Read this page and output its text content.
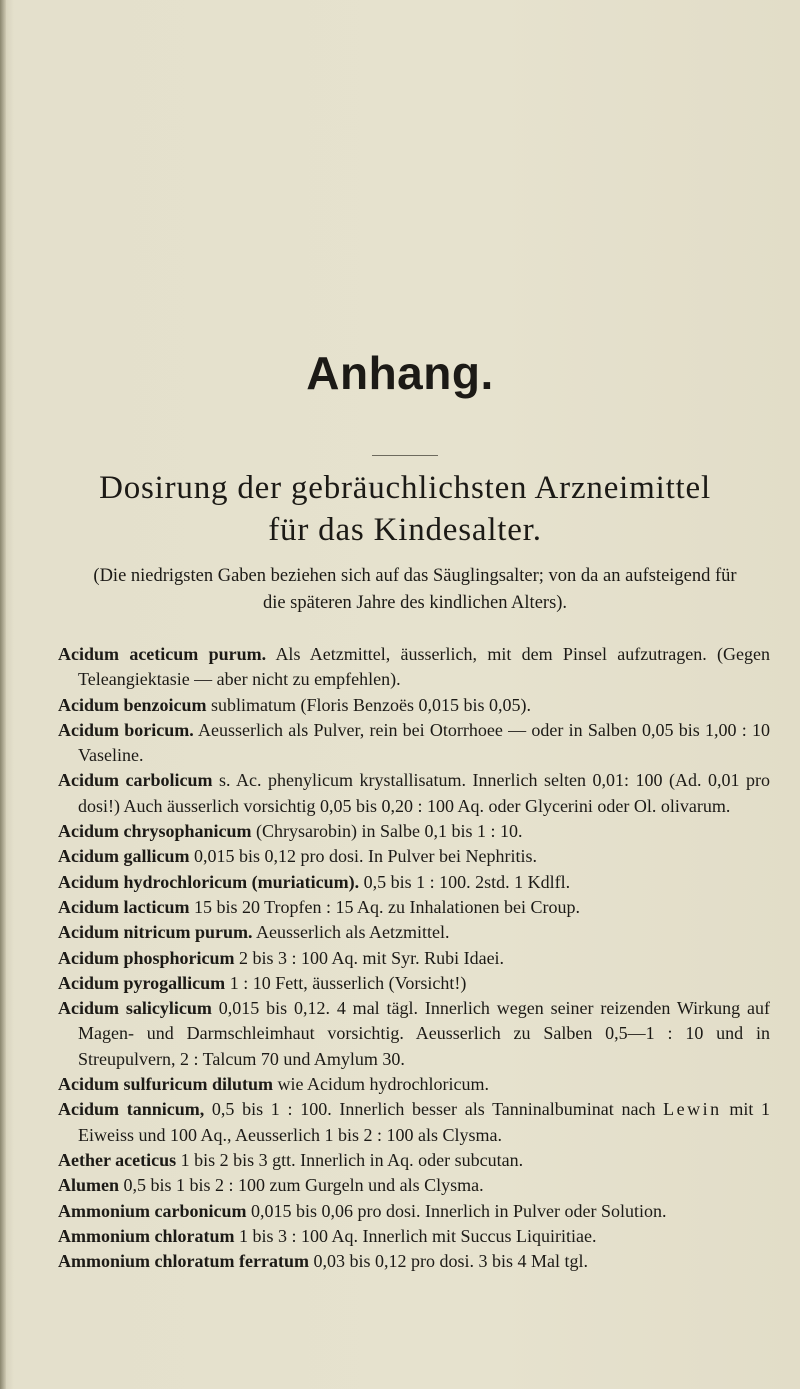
Anhang.
Dosirung der gebräuchlichsten Arzneimittel
für das Kindesalter.
(Die niedrigsten Gaben beziehen sich auf das Säuglingsalter; von da an aufsteigend für die späteren Jahre des kindlichen Alters).

Acidum aceticum purum. Als Aetzmittel, äusserlich, mit dem Pinsel aufzutragen. (Gegen Teleangiektasie — aber nicht zu empfehlen).

Acidum benzoicum sublimatum (Floris Benzoës 0,015 bis 0,05).

Acidum boricum. Aeusserlich als Pulver, rein bei Otorrhoee — oder in Salben 0,05 bis 1,00 : 10 Vaseline.

Acidum carbolicum s. Ac. phenylicum krystallisatum. Innerlich selten 0,01: 100 (Ad. 0,01 pro dosi!) Auch äusserlich vorsichtig 0,05 bis 0,20 : 100 Aq. oder Glycerini oder Ol. olivarum.

Acidum chrysophanicum (Chrysarobin) in Salbe 0,1 bis 1 : 10.

Acidum gallicum 0,015 bis 0,12 pro dosi. In Pulver bei Nephritis.

Acidum hydrochloricum (muriaticum). 0,5 bis 1 : 100. 2std. 1 Kdlfl.

Acidum lacticum 15 bis 20 Tropfen : 15 Aq. zu Inhalationen bei Croup.

Acidum nitricum purum. Aeusserlich als Aetzmittel.

Acidum phosphoricum 2 bis 3 : 100 Aq. mit Syr. Rubi Idaei.

Acidum pyrogallicum 1 : 10 Fett, äusserlich (Vorsicht!)

Acidum salicylicum 0,015 bis 0,12. 4 mal tägl. Innerlich wegen seiner reizenden Wirkung auf Magen- und Darmschleimhaut vorsichtig. Aeusserlich zu Salben 0,5—1 : 10 und in Streupulvern, 2 : Talcum 70 und Amylum 30.

Acidum sulfuricum dilutum wie Acidum hydrochloricum.

Acidum tannicum, 0,5 bis 1 : 100. Innerlich besser als Tanninalbuminat nach Lewin mit 1 Eiweiss und 100 Aq., Aeusserlich 1 bis 2 : 100 als Clysma.

Aether aceticus 1 bis 2 bis 3 gtt. Innerlich in Aq. oder subcutan.

Alumen 0,5 bis 1 bis 2 : 100 zum Gurgeln und als Clysma.

Ammonium carbonicum 0,015 bis 0,06 pro dosi. Innerlich in Pulver oder Solution.

Ammonium chloratum 1 bis 3 : 100 Aq. Innerlich mit Succus Liquiritiae.

Ammonium chloratum ferratum 0,03 bis 0,12 pro dosi. 3 bis 4 Mal tgl.
